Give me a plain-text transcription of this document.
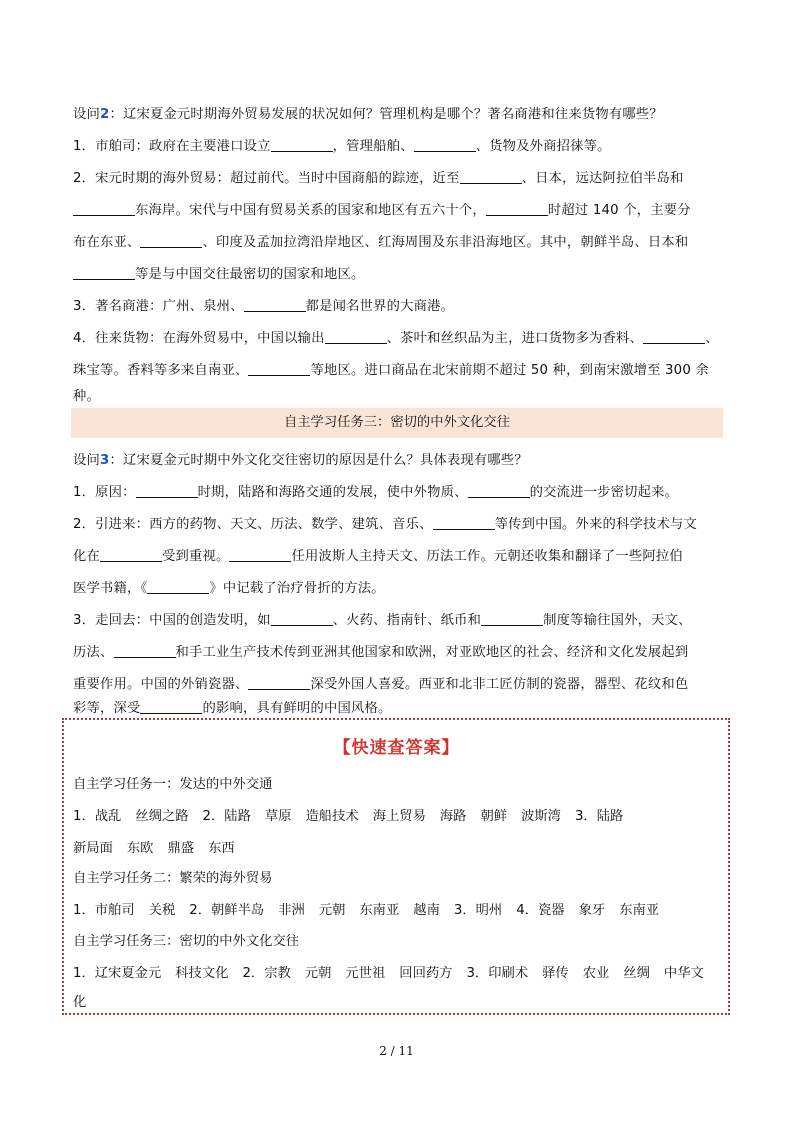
设问2：辽宋夏金元时期海外贸易发展的状况如何？管理机构是哪个？著名商港和往来货物有哪些？
1．市舶司：政府在主要港口设立	，管理船舶、	、货物及外商招徕等。
2．宋元时期的海外贸易：超过前代。当时中国商船的踪迹，近至	、日本，远达阿拉伯半岛和
东海岸。宋代与中国有贸易关系的国家和地区有五六十个，	时超过 140 个，主要分
布在东亚、	、印度及孟加拉湾沿岸地区、红海周围及东非沿海地区。其中，朝鲜半岛、日本和
等是与中国交往最密切的国家和地区。
3．著名商港：广州、泉州、	都是闻名世界的大商港。
4．往来货物：在海外贸易中，中国以输出	、茶叶和丝织品为主，进口货物多为香料、	、
珠宝等。香料等多来自南亚、	等地区。进口商品在北宋前期不超过 50 种，到南宋激增至 300 余
种。
自主学习任务三：密切的中外文化交往
设问3：辽宋夏金元时期中外文化交往密切的原因是什么？具体表现有哪些？
1．原因：	时期，陆路和海路交通的发展，使中外物质、	的交流进一步密切起来。
2．引进来：西方的药物、天文、历法、数学、建筑、音乐、	等传到中国。外来的科学技术与文
化在	受到重视。	任用波斯人主持天文、历法工作。元朝还收集和翻译了一些阿拉伯
医学书籍，《	》中记载了治疗骨折的方法。
3．走回去：中国的创造发明，如	、火药、指南针、纸币和	制度等输往国外，天文、
历法、	和手工业生产技术传到亚洲其他国家和欧洲，对亚欧地区的社会、经济和文化发展起到
重要作用。中国的外销瓷器、	深受外国人喜爱。西亚和北非工匠仿制的瓷器，器型、花纹和色
彩等，深受	的影响，具有鲜明的中国风格。
【快速查答案】
自主学习任务一：发达的中外交通
1．战乱 丝绸之路 2．陆路 草原 造船技术 海上贸易 海路 朝鲜 波斯湾 3．陆路
新局面 东欧 鼎盛 东西
自主学习任务二：繁荣的海外贸易
1．市舶司 关税 2．朝鲜半岛 非洲 元朝 东南亚 越南 3．明州 4．瓷器 象牙 东南亚
自主学习任务三：密切的中外文化交往
1．辽宋夏金元 科技文化 2．宗教 元朝 元世祖 回回药方 3．印刷术 驿传 农业 丝绸 中华文
化
2 / 11
